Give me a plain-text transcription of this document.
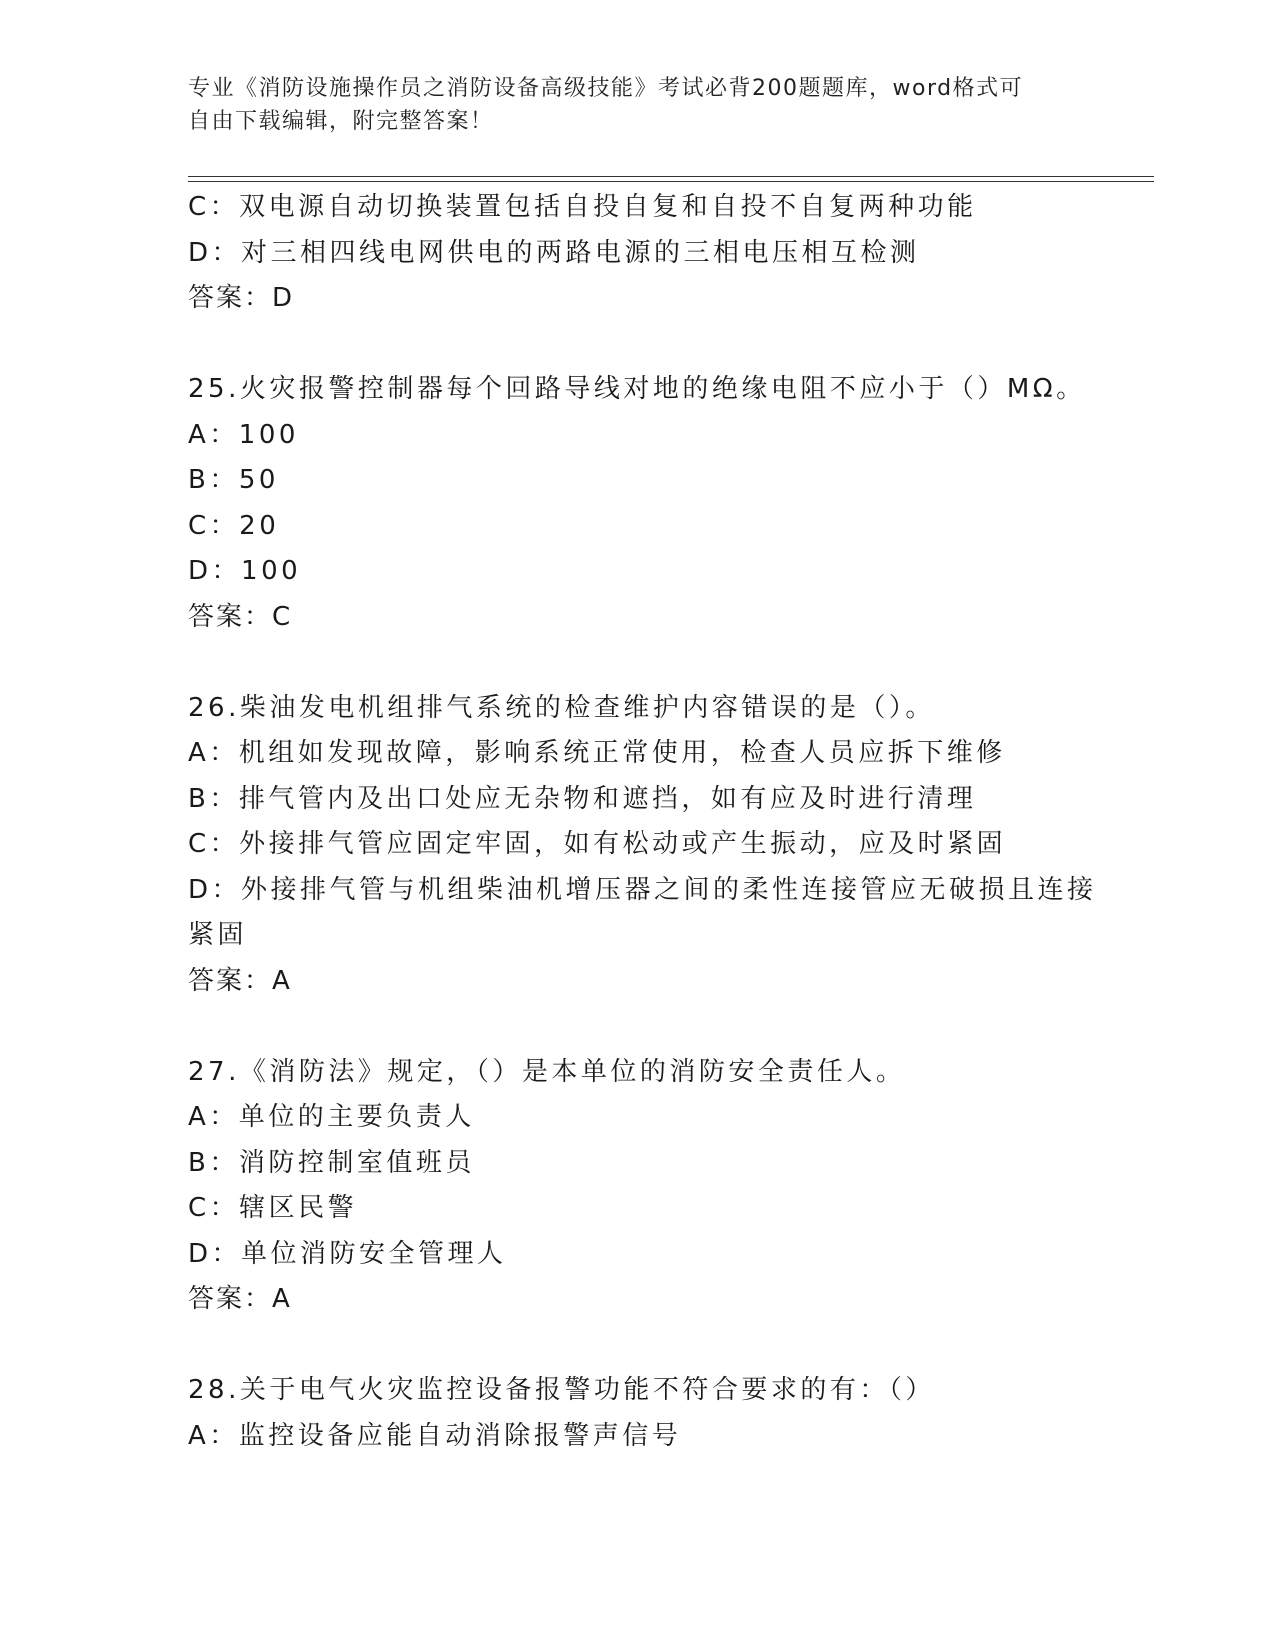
专业《消防设施操作员之消防设备高级技能》考试必背200题题库，word格式可
自由下载编辑，附完整答案！
C：双电源自动切换装置包括自投自复和自投不自复两种功能
D：对三相四线电网供电的两路电源的三相电压相互检测
答案：D
25.火灾报警控制器每个回路导线对地的绝缘电阻不应小于（）MΩ。
A：100
B：50
C：20
D：100
答案：C
26.柴油发电机组排气系统的检查维护内容错误的是（）。
A：机组如发现故障，影响系统正常使用，检查人员应拆下维修
B：排气管内及出口处应无杂物和遮挡，如有应及时进行清理
C：外接排气管应固定牢固，如有松动或产生振动，应及时紧固
D：外接排气管与机组柴油机增压器之间的柔性连接管应无破损且连接
紧固
答案：A
27.《消防法》规定，（）是本单位的消防安全责任人。
A：单位的主要负责人
B：消防控制室值班员
C：辖区民警
D：单位消防安全管理人
答案：A
28.关于电气火灾监控设备报警功能不符合要求的有：（）
A：监控设备应能自动消除报警声信号
